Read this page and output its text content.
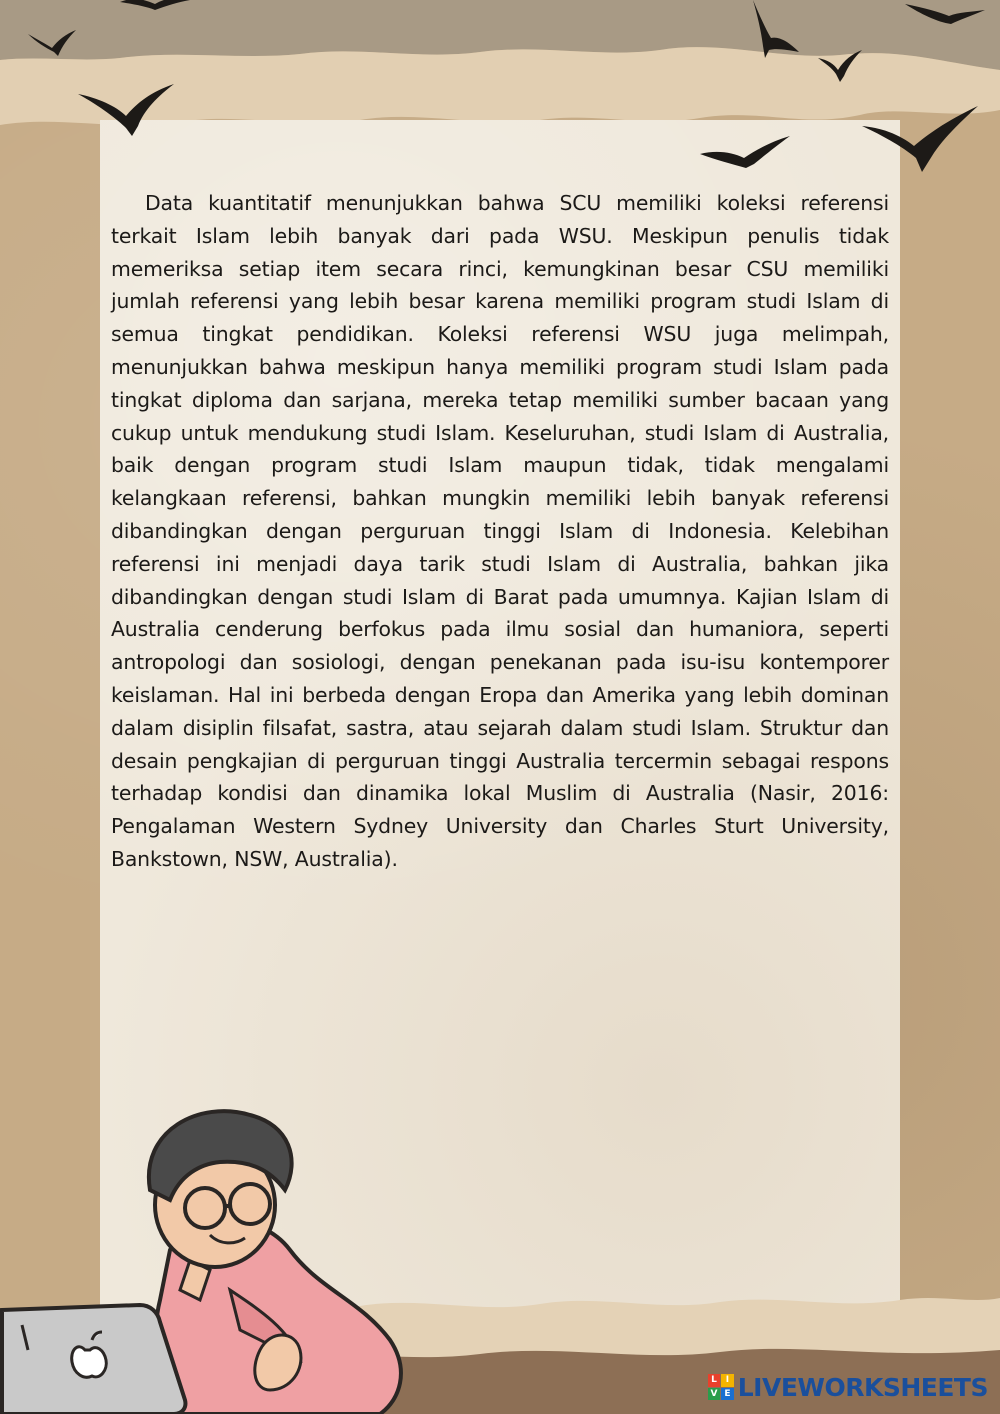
Data kuantitatif menunjukkan bahwa SCU memiliki koleksi referensi terkait Islam lebih banyak dari pada WSU. Meskipun penulis tidak memeriksa setiap item secara rinci, kemungkinan besar CSU memiliki jumlah referensi yang lebih besar karena memiliki program studi Islam di semua tingkat pendidikan. Koleksi referensi WSU juga melimpah, menunjukkan bahwa meskipun hanya memiliki program studi Islam pada tingkat diploma dan sarjana, mereka tetap memiliki sumber bacaan yang cukup untuk mendukung studi Islam. Keseluruhan, studi Islam di Australia, baik dengan program studi Islam maupun tidak, tidak mengalami kelangkaan referensi, bahkan mungkin memiliki lebih banyak referensi dibandingkan dengan perguruan tinggi Islam di Indonesia. Kelebihan referensi ini menjadi daya tarik studi Islam di Australia, bahkan jika dibandingkan dengan studi Islam di Barat pada umumnya. Kajian Islam di Australia cenderung berfokus pada ilmu sosial dan humaniora, seperti antropologi dan sosiologi, dengan penekanan pada isu-isu kontemporer keislaman. Hal ini berbeda dengan Eropa dan Amerika yang lebih dominan dalam disiplin filsafat, sastra, atau sejarah dalam studi Islam. Struktur dan desain pengkajian di perguruan tinggi Australia tercermin sebagai respons terhadap kondisi dan dinamika lokal Muslim di Australia (Nasir, 2016: Pengalaman Western Sydney University dan Charles Sturt University, Bankstown, NSW, Australia).

L I
V E LIVEWORKSHEETS
